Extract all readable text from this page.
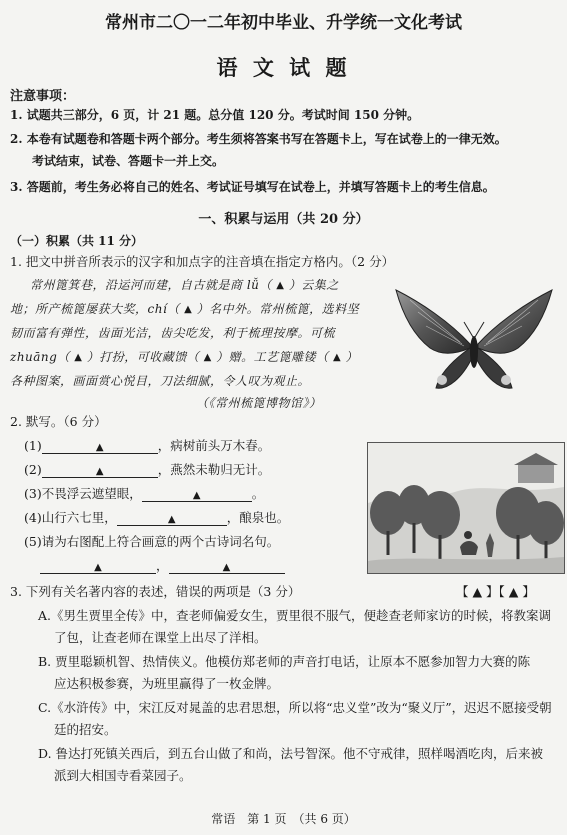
常州市二〇一二年初中毕业、升学统一文化考试
语 文 试 题
注意事项：
1. 试题共三部分，6 页，计 21 题。总分值 120 分。考试时间 150 分钟。
2. 本卷有试题卷和答题卡两个部分。考生须将答案书写在答题卡上，写在试卷上的一律无效。
考试结束，试卷、答题卡一并上交。
3. 答题前，考生务必将自己的姓名、考试证号填写在试卷上，并填写答题卡上的考生信息。
一、积累与运用（共 20 分）
（一）积累（共 11 分）
1. 把文中拼音所表示的汉字和加点字的注音填在指定方格内。（2 分）
常州篦箕巷，沿运河而建，自古就是商 lǚ（ ▲ ）云集之
地；所产梳篦屡获大奖，chí（ ▲ ）名中外。常州梳篦，选料坚
韧而富有弹性，齿面光洁，齿尖吃发，利于梳理按摩。可梳
zhuāng（ ▲ ）打扮，可收藏馈（ ▲ ）赠。工艺篦雕镂（ ▲ ）
各种图案，画面赏心悦目，刀法细腻，令人叹为观止。
（《常州梳篦博物馆》）
2. 默写。（6 分）
(1)	▲	，病树前头万木春。
(2)	▲	，燕然未勒归无计。
(3)不畏浮云遮望眼，	▲	。
(4)山行六七里，	▲	，酿泉也。
(5)请为右图配上符合画意的两个古诗词名句。
▲	，	▲
3. 下列有关名著内容的表述，错误的两项是（3 分）	【 ▲ 】【 ▲ 】
A.《男生贾里全传》中，查老师偏爱女生，贾里很不服气，便趁查老师家访的时候，将教案调
了包，让查老师在课堂上出尽了洋相。
B. 贾里聪颖机智、热情侠义。他模仿郑老师的声音打电话，让原本不愿参加智力大赛的陈
应达积极参赛，为班里赢得了一枚金牌。
C.《水浒传》中，宋江反对晁盖的忠君思想，所以将“忠义堂”改为“聚义厅”，迟迟不愿接受朝
廷的招安。
D. 鲁达打死镇关西后，到五台山做了和尚，法号智深。他不守戒律，照样喝酒吃肉，后来被
派到大相国寺看菜园子。
常语　第 1 页　（共 6 页）
